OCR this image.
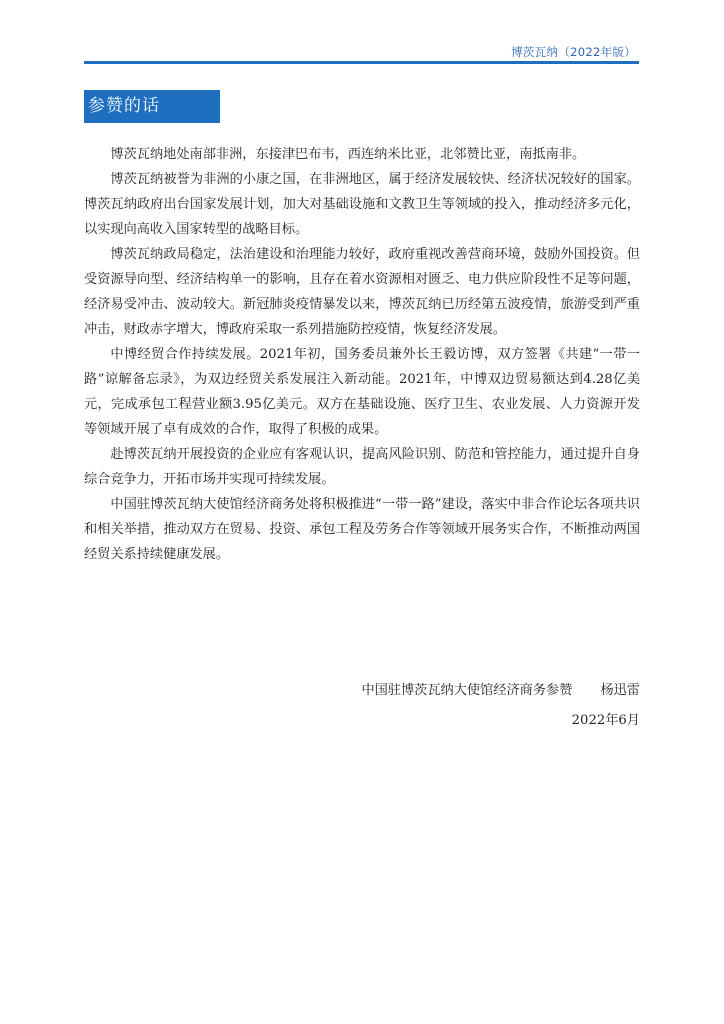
博茨瓦纳（2022年版）
参赞的话

博茨瓦纳地处南部非洲，东接津巴布韦，西连纳米比亚，北邻赞比亚，南抵南非。

博茨瓦纳被誉为非洲的小康之国，在非洲地区，属于经济发展较快、经济状况较好的国家。博茨瓦纳政府出台国家发展计划，加大对基础设施和文教卫生等领域的投入，推动经济多元化，以实现向高收入国家转型的战略目标。

博茨瓦纳政局稳定，法治建设和治理能力较好，政府重视改善营商环境，鼓励外国投资。但受资源导向型、经济结构单一的影响，且存在着水资源相对匮乏、电力供应阶段性不足等问题，经济易受冲击、波动较大。新冠肺炎疫情暴发以来，博茨瓦纳已历经第五波疫情，旅游受到严重冲击，财政赤字增大，博政府采取一系列措施防控疫情，恢复经济发展。

中博经贸合作持续发展。2021年初，国务委员兼外长王毅访博，双方签署《共建“一带一路”谅解备忘录》，为双边经贸关系发展注入新动能。2021年，中博双边贸易额达到4.28亿美元，完成承包工程营业额3.95亿美元。双方在基础设施、医疗卫生、农业发展、人力资源开发等领域开展了卓有成效的合作，取得了积极的成果。

赴博茨瓦纳开展投资的企业应有客观认识，提高风险识别、防范和管控能力，通过提升自身综合竞争力，开拓市场并实现可持续发展。

中国驻博茨瓦纳大使馆经济商务处将积极推进“一带一路”建设，落实中非合作论坛各项共识和相关举措，推动双方在贸易、投资、承包工程及劳务合作等领域开展务实合作，不断推动两国经贸关系持续健康发展。

中国驻博茨瓦纳大使馆经济商务参赞 杨迅雷
2022年6月
